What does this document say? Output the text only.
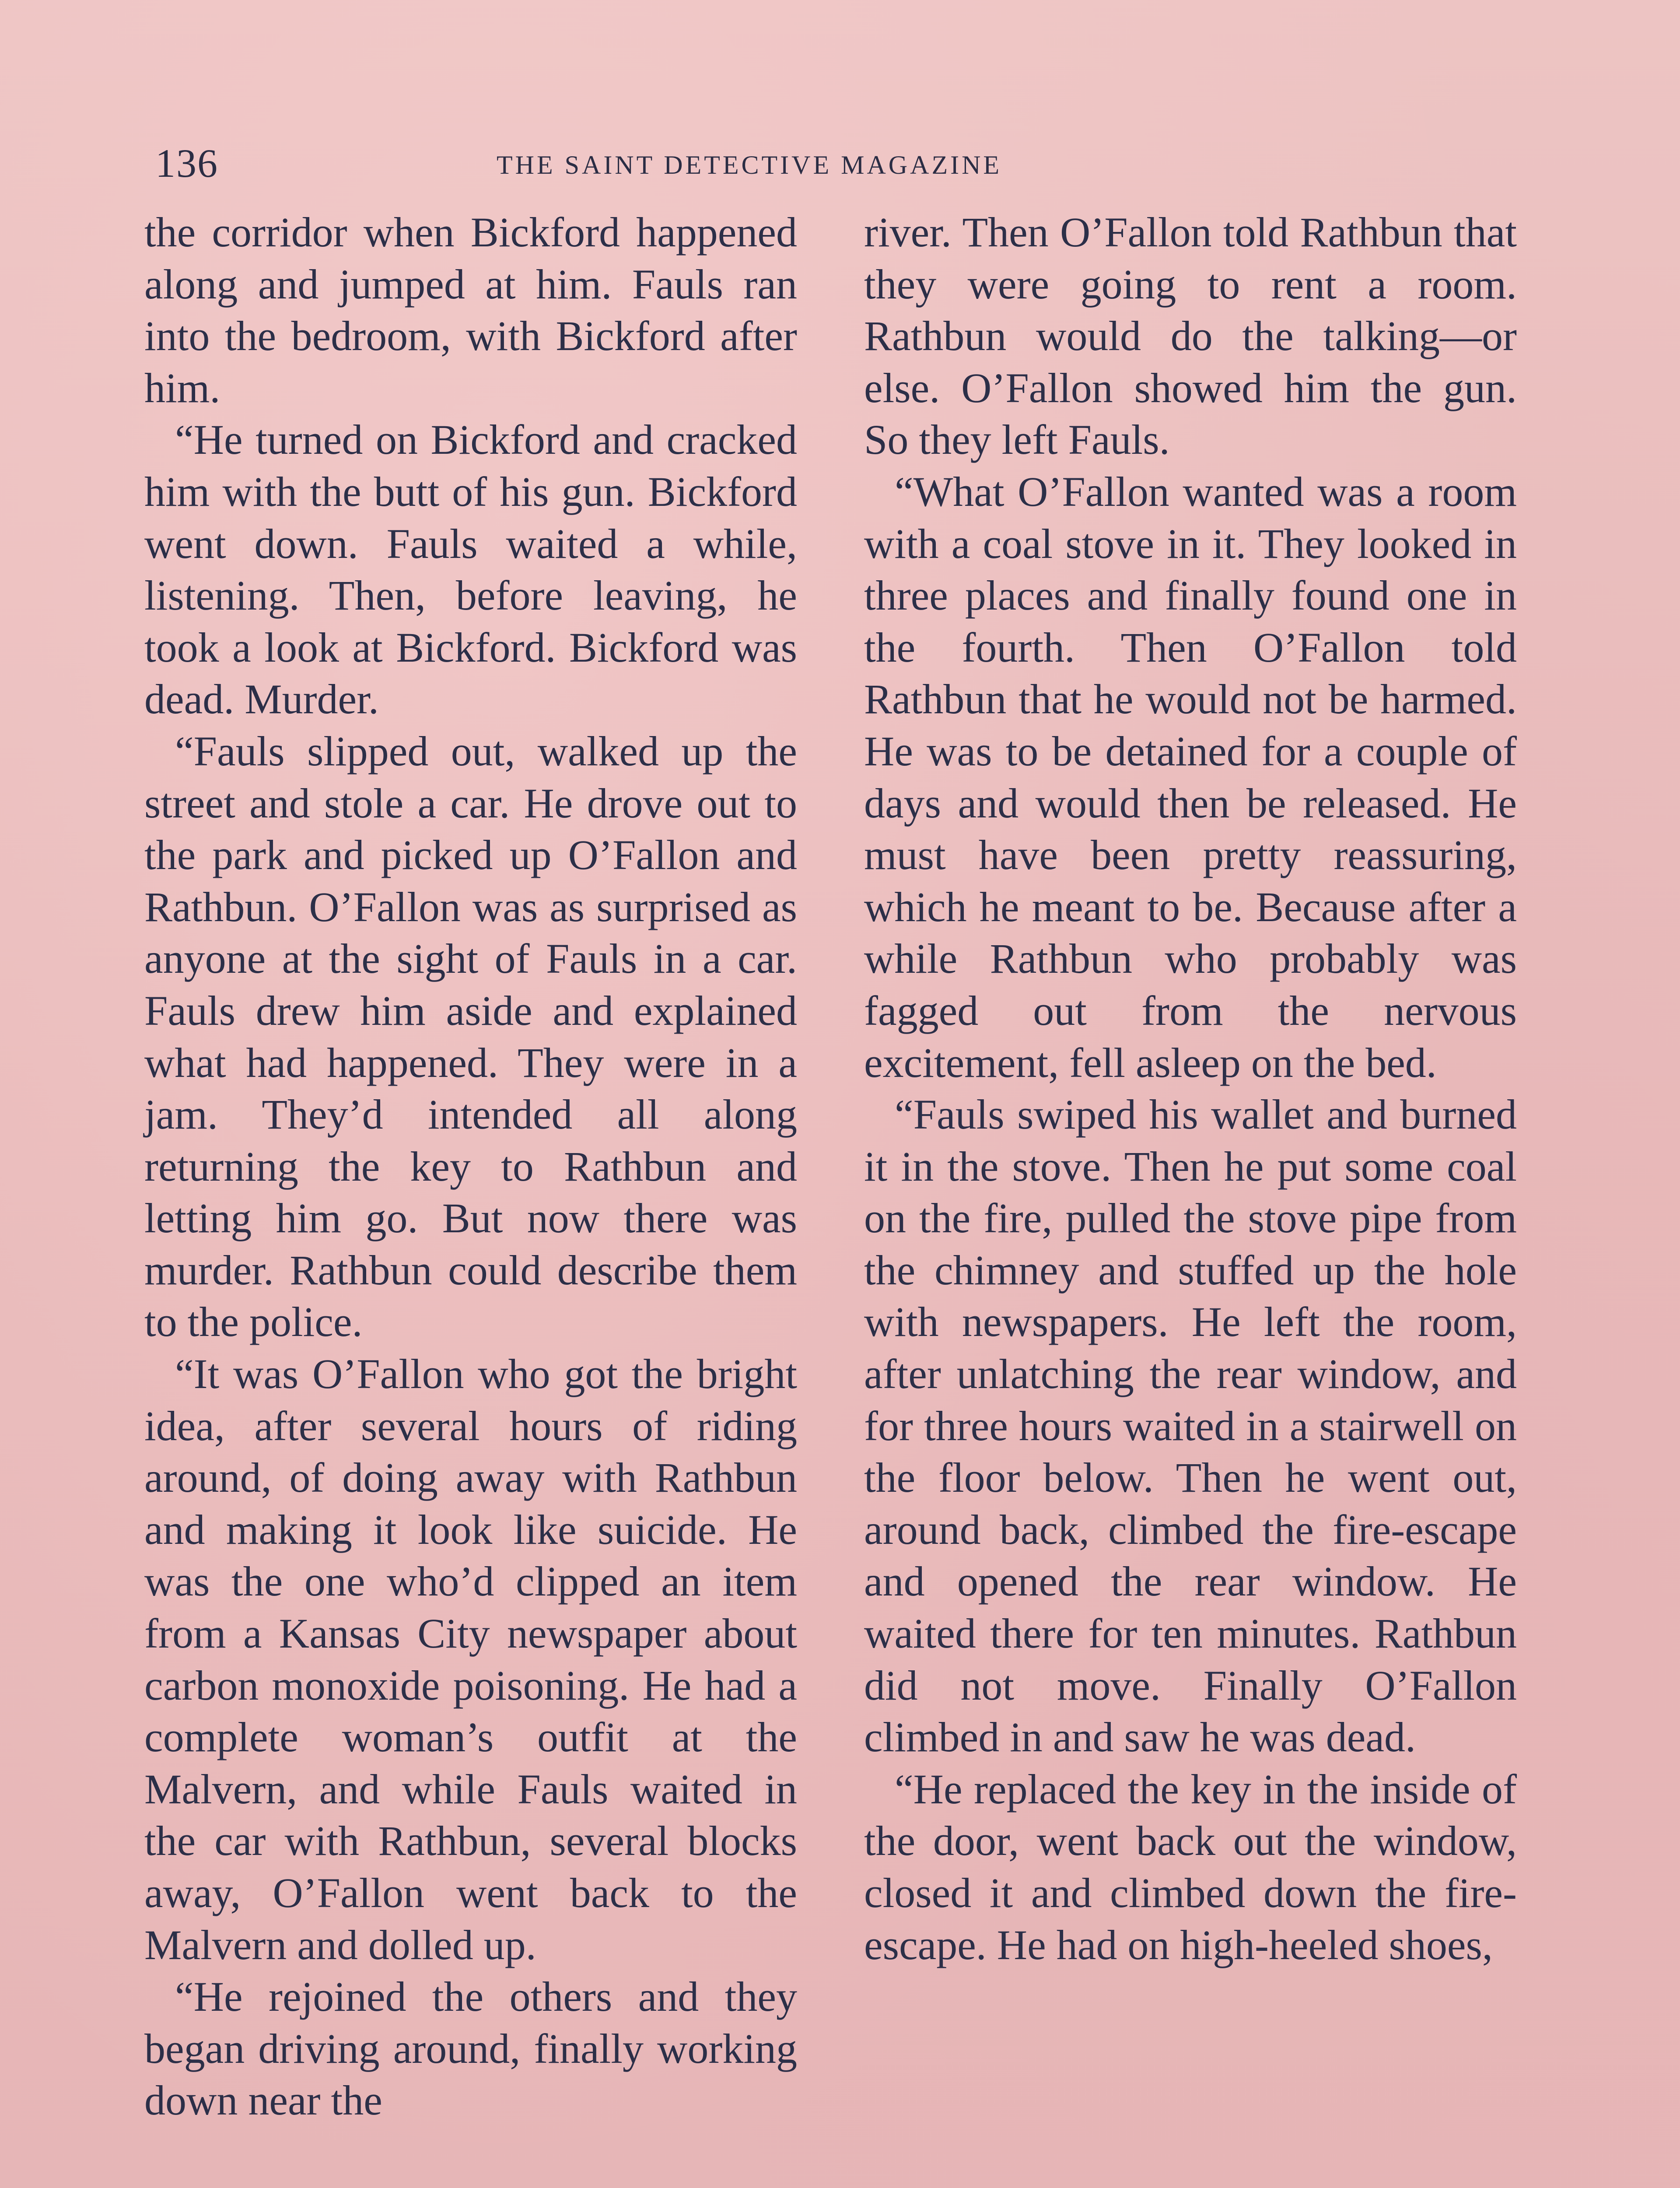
136	THE SAINT DETECTIVE MAGAZINE

the corridor when Bickford happened along and jumped at him. Fauls ran into the bedroom, with Bickford after him.

“He turned on Bickford and cracked him with the butt of his gun. Bickford went down. Fauls waited a while, listening. Then, before leaving, he took a look at Bickford. Bickford was dead. Murder.

“Fauls slipped out, walked up the street and stole a car. He drove out to the park and picked up O’Fallon and Rathbun. O’Fallon was as surprised as anyone at the sight of Fauls in a car. Fauls drew him aside and explained what had happened. They were in a jam. They’d intended all along returning the key to Rathbun and letting him go. But now there was murder. Rathbun could describe them to the police.

“It was O’Fallon who got the bright idea, after several hours of riding around, of doing away with Rathbun and making it look like suicide. He was the one who’d clipped an item from a Kansas City newspaper about carbon monoxide poisoning. He had a complete woman’s outfit at the Malvern, and while Fauls waited in the car with Rathbun, several blocks away, O’Fallon went back to the Malvern and dolled up.

“He rejoined the others and they began driving around, finally working down near the

river. Then O’Fallon told Rathbun that they were going to rent a room. Rathbun would do the talking—or else. O’Fallon showed him the gun. So they left Fauls.

“What O’Fallon wanted was a room with a coal stove in it. They looked in three places and finally found one in the fourth. Then O’Fallon told Rathbun that he would not be harmed. He was to be detained for a couple of days and would then be released. He must have been pretty reassuring, which he meant to be. Because after a while Rathbun who probably was fagged out from the nervous excitement, fell asleep on the bed.

“Fauls swiped his wallet and burned it in the stove. Then he put some coal on the fire, pulled the stove pipe from the chimney and stuffed up the hole with newspapers. He left the room, after unlatching the rear window, and for three hours waited in a stairwell on the floor below. Then he went out, around back, climbed the fire-escape and opened the rear window. He waited there for ten minutes. Rathbun did not move. Finally O’Fallon climbed in and saw he was dead.

“He replaced the key in the inside of the door, went back out the window, closed it and climbed down the fire-escape. He had on high-heeled shoes,
